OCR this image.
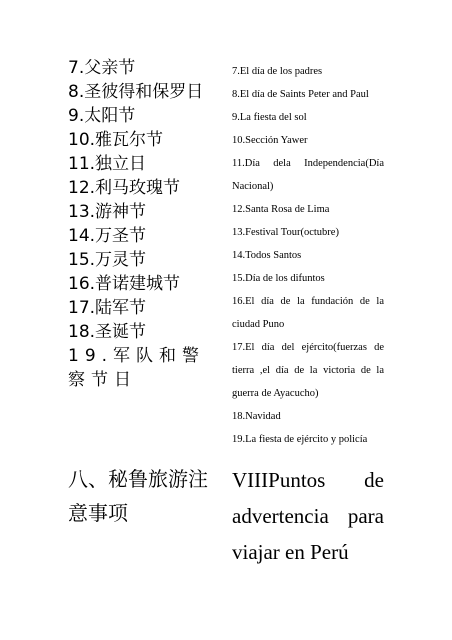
7.父亲节
8.圣彼得和保罗日
9.太阳节
10.雅瓦尔节
11.独立日
12.利马玫瑰节
13.游神节
14.万圣节
15.万灵节
16.普诺建城节
17.陆军节
18.圣诞节
19.军队和警察节日
7.El día de los padres
8.El día de Saints Peter and Paul
9.La fiesta del sol
10.Sección Yawer
11.Día dela Independencia(Día
Nacional)
12.Santa Rosa de Lima
13.Festival Tour(octubre)
14.Todos Santos
15.Día de los difuntos
16.El día de la fundación de la
ciudad Puno
17.El día del ejército(fuerzas de
tierra ,el día de la victoria de la
guerra de Ayacucho)
18.Navidad
19.La fiesta de ejército y policía
八、秘鲁旅游注意事项
VIIIPuntos de
advertencia para
viajar en Perú
